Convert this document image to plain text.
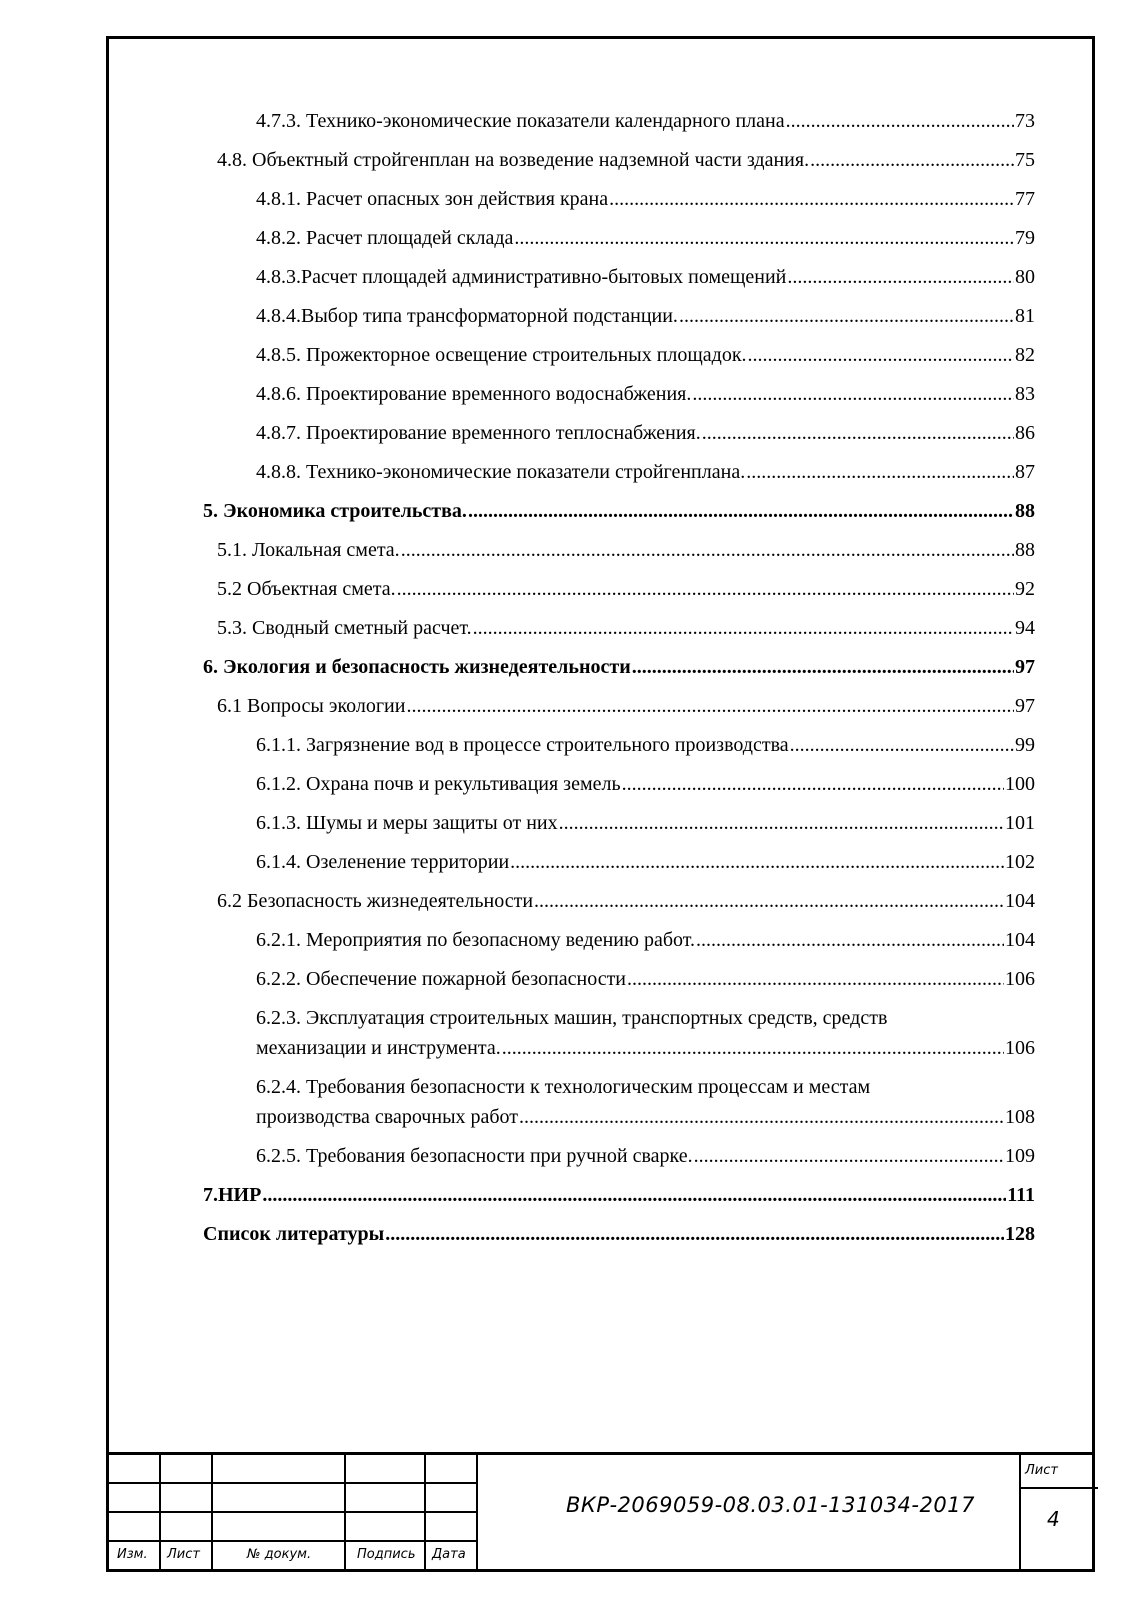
4.7.3. Технико-экономические показатели календарного плана .....	73
4.8. Объектный стройгенплан на возведение надземной части здания. .....	75
4.8.1. Расчет опасных зон действия крана .....	77
4.8.2. Расчет площадей склада .....	79
4.8.3.Расчет площадей административно-бытовых помещений .....	80
4.8.4.Выбор типа трансформаторной подстанции. .....	81
4.8.5. Прожекторное освещение строительных площадок. .....	82
4.8.6. Проектирование временного водоснабжения. .....	83
4.8.7. Проектирование временного теплоснабжения. .....	86
4.8.8. Технико-экономические показатели стройгенплана. .....	87
5. Экономика строительства. .....	88
5.1. Локальная смета. .....	88
5.2 Объектная смета. .....	92
5.3. Сводный сметный расчет. .....	94
6. Экология и безопасность жизнедеятельности .....	97
6.1 Вопросы экологии .....	97
6.1.1. Загрязнение вод в процессе строительного производства .....	99
6.1.2. Охрана почв и рекультивация земель .....	100
6.1.3. Шумы и меры защиты от них .....	101
6.1.4. Озеленение территории .....	102
6.2 Безопасность жизнедеятельности .....	104
6.2.1. Мероприятия по безопасному ведению работ. .....	104
6.2.2. Обеспечение пожарной безопасности .....	106
6.2.3. Эксплуатация строительных машин, транспортных средств, средств
механизации и инструмента. .....	106
6.2.4. Требования безопасности к технологическим процессам и местам
производства сварочных работ .....	108
6.2.5. Требования безопасности при ручной сварке. .....	109
7.НИР .....	111
Список литературы .....	128
Изм. Лист	№ докум.	Подпись Дата
ВКР-2069059-08.03.01-131034-2017
Лист
4
